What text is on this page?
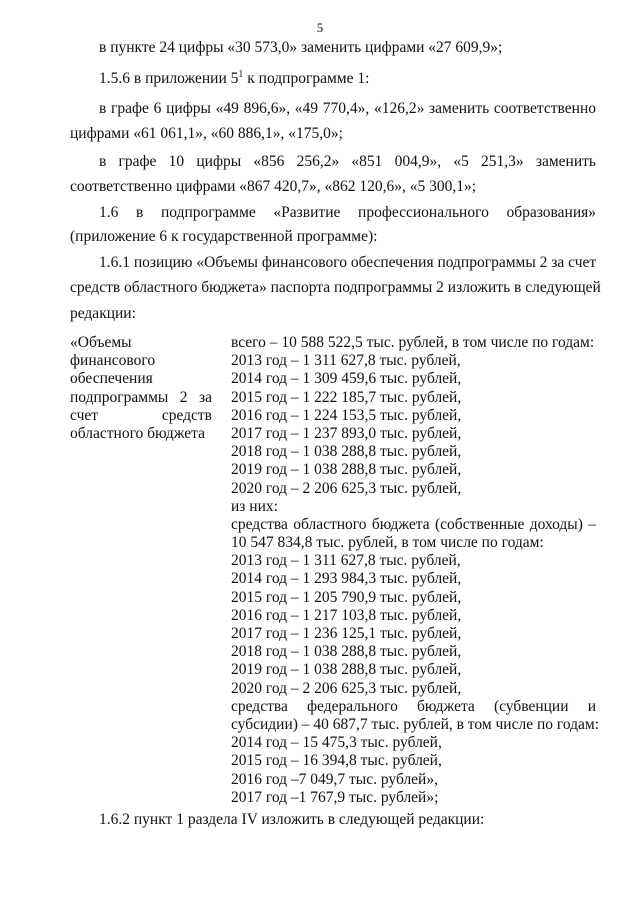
5
в пункте 24 цифры «30 573,0» заменить цифрами «27 609,9»;
1.5.6 в приложении $5^1$ к подпрограмме 1:
в графе 6 цифры «49 896,6», «49 770,4», «126,2» заменить соответственно
цифрами «61 061,1», «60 886,1», «175,0»;
в графе 10 цифры «856 256,2» «851 004,9», «5 251,3» заменить
соответственно цифрами «867 420,7», «862 120,6», «5 300,1»;
1.6 в подпрограмме «Развитие профессионального образования»
(приложение 6 к государственной программе):
1.6.1 позицию «Объемы финансового обеспечения подпрограммы 2 за счет
средств областного бюджета» паспорта подпрограммы 2 изложить в следующей
редакции:
«Объемы
финансового
обеспечения
подпрограммы 2 за
счет средств
областного бюджета
всего – 10 588 522,5 тыс. рублей, в том числе по годам:
2013 год – 1 311 627,8 тыс. рублей,
2014 год – 1 309 459,6 тыс. рублей,
2015 год – 1 222 185,7 тыс. рублей,
2016 год – 1 224 153,5 тыс. рублей,
2017 год – 1 237 893,0 тыс. рублей,
2018 год – 1 038 288,8 тыс. рублей,
2019 год – 1 038 288,8 тыс. рублей,
2020 год – 2 206 625,3 тыс. рублей,
из них:
средства областного бюджета (собственные доходы) –
10 547 834,8 тыс. рублей, в том числе по годам:
2013 год – 1 311 627,8 тыс. рублей,
2014 год – 1 293 984,3 тыс. рублей,
2015 год – 1 205 790,9 тыс. рублей,
2016 год – 1 217 103,8 тыс. рублей,
2017 год – 1 236 125,1 тыс. рублей,
2018 год – 1 038 288,8 тыс. рублей,
2019 год – 1 038 288,8 тыс. рублей,
2020 год – 2 206 625,3 тыс. рублей,
средства федерального бюджета (субвенции и
субсидии) – 40 687,7 тыс. рублей, в том числе по годам:
2014 год – 15 475,3 тыс. рублей,
2015 год – 16 394,8 тыс. рублей,
2016 год –7 049,7 тыс. рублей»,
2017 год –1 767,9 тыс. рублей»;
1.6.2 пункт 1 раздела IV изложить в следующей редакции:
